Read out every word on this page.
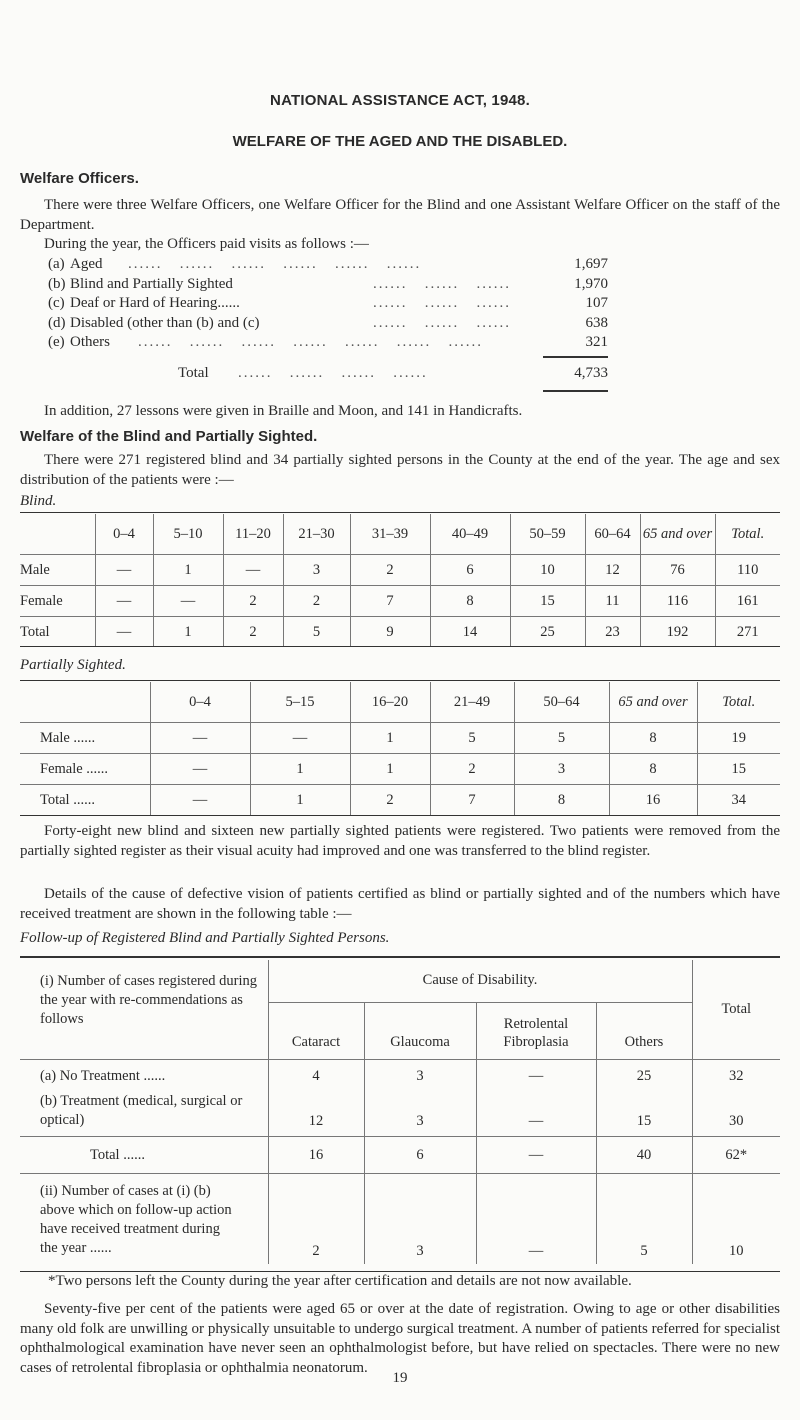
NATIONAL ASSISTANCE ACT, 1948.
WELFARE OF THE AGED AND THE DISABLED.
Welfare Officers.

There were three Welfare Officers, one Welfare Officer for the Blind and one Assistant Welfare Officer on the staff of the Department.

During the year, the Officers paid visits as follows :—

(a) Aged ......   ......   ......   ......   ......   ......	1,697
(b) Blind and Partially Sighted	......   ......   ......	1,970
(c) Deaf or Hard of Hearing......	......   ......   ......	107
(d) Disabled (other than (b) and (c)	......   ......   ......	638
(e) Others ......   ......   ......   ......   ......   ......   ......	321
Total ......   ......   ......   ......	4,733

In addition, 27 lessons were given in Braille and Moon, and 141 in Handicrafts.

Welfare of the Blind and Partially Sighted.

There were 271 registered blind and 34 partially sighted persons in the County at the end of the year. The age and sex distribution of the patients were :—

Blind.
	0–4	5–10	11–20	21–30	31–39	40–49	50–59	60–64	65 and over	Total.
Male	—	1	—	3	2	6	10	12	76	110
Female	—	—	2	2	7	8	15	11	116	161
Total	—	1	2	5	9	14	25	23	192	271
Partially Sighted.
	0–4	5–15	16–20	21–49	50–64	65 and over	Total.
Male ......	—	—	1	5	5	8	19
Female ......	—	1	1	2	3	8	15
Total ......	—	1	2	7	8	16	34

Forty-eight new blind and sixteen new partially sighted patients were registered. Two patients were removed from the partially sighted register as their visual acuity had improved and one was transferred to the blind register.

Details of the cause of defective vision of patients certified as blind or partially sighted and of the numbers which have received treatment are shown in the following table :—

Follow-up of Registered Blind and Partially Sighted Persons.
(i) Number of cases registered during the year with re-commendations as follows	Cause of Disability.				Total
	Cataract	Glaucoma	Retrolental Fibroplasia	Others	
(a) No Treatment ......	4	3	—	25	32
(b) Treatment (medical, surgical or optical)	12	3	—	15	30
Total ......	16	6	—	40	62*
(ii) Number of cases at (i) (b) above which on follow-up action have received treatment during the year ......	2	3	—	5	10
*Two persons left the County during the year after certification and details are not now available.

Seventy-five per cent of the patients were aged 65 or over at the date of registration. Owing to age or other disabilities many old folk are unwilling or physically unsuitable to undergo surgical treatment. A number of patients referred for specialist ophthalmological examination have never seen an ophthalmologist before, but have relied on spectacles. There were no new cases of retrolental fibroplasia or ophthalmia neonatorum.

19
